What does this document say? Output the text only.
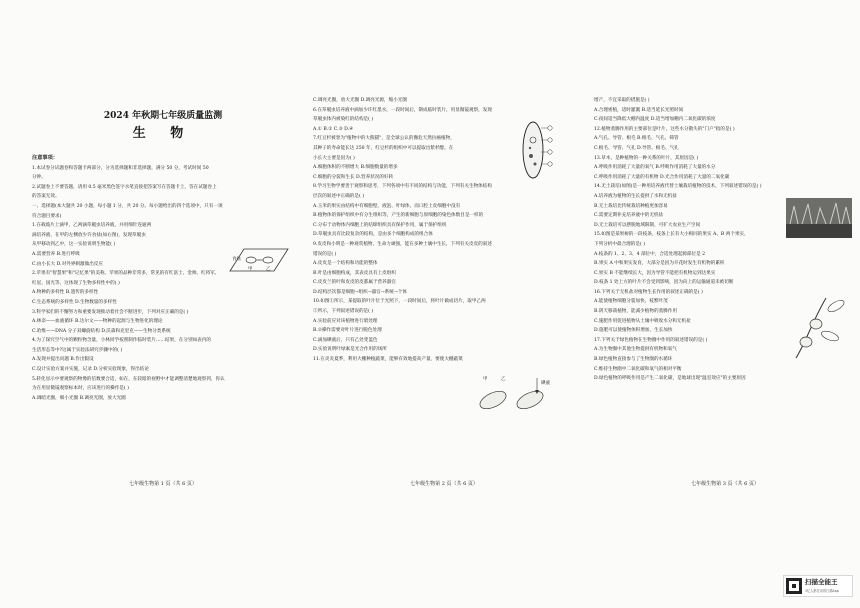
2024 年秋期七年级质量监测
生 物

注意事项：

1.本试卷分试题卷和答题卡两部分，分为选择题和非选择题，满分 50 分，考试时间 50

分钟。

2.试题卷上不要答题，请用 0.5 毫米黑色签字水笔直接把答案写在答题卡上，答在试题卷上

的答案无效。

一、选择题(本大题共 20 小题，每小题 1 分，共 20 分。每小题给出的四个选项中，只有一项

符合题目要求)

1.在载玻片上滴甲、乙两滴草履虫培养液，并用细针连通两

滴培养液，在甲的左侧放少许食盐(如右图)，发现草履虫

从甲移动到乙中，这一实验说明生物能( )

A.需要营养 B.进行呼吸

C.由小长大 D.对外界刺激做出反应

2.苹果有"智慧果"和"记忆果"的美称，苹果的品种非常多，常见的有红富士、金帅、红将军、

红星、国光等，这体现了生物多样性中的( )

A.物种的多样性 B.遗传的多样性

C.生态系统的多样性 D.生物数量的多样性

3.科学家们的不懈努力和重要发现推动着社会不断进步，下列对应正确的是( )

A.林奈——血液循环 B.达尔文——物种的起源与生物进化的理论

C.哈维——DNA 分子双螺旋结构 D.沃森和克里克——生物分类系统

4.为了探究空气中的颗粒物含量，小林同学按照制作临时装片……结果，在分别如表内的

生活形态等中?这属于实验法研究步骤中的( )

A.发现并提出问题 B.作出假设

C.设计实验方案并实施，记录 D.分析实验现象，得出结论

5.转化显示中要观察的物像的倍数要合适，如在，在较暗的视野中才能调整清楚地观察到，你认

为在用显微镜观察标本时，应该进行的操作是( )

A.调暗光圈，细小光圈 B.调亮光圈，放大光圈

C.调亮光圈，放大光圈 D.调亮光源，缩小光圈

6.在草履虫培养液中滴加少许红墨水，一段时间后，制成临时装片，用显微镜观察，发现

草履虫体内被染红的结构是( )

A.① B.② C.③ D.④

7.红豆杉被誉为"植物中的大熊猫"，是全球公认的濒危天然抗癌植物，

其种子的寿命能长达 250 年，红豆杉的组织中可以提取出紫杉醇。在

小长大主要是因为( )

A.细胞体积的不断增大 B.细胞数量的增多

C.细胞的分裂和生长 D.营养状况的好转

8.学习生物学要善于观察和思考，下列各项中有不同的结构与功能，下列有关生物体结构

层次的叙述中正确的是( )

A.玉米的果实由结构中有细胞壁、液泡、叶绿体，而口腔上皮细胞中没有

B.植物体的保护组织中有分生组织等，产生的新细胞与原细胞的染色体数目是一样的

C.分布于动物体内细胞上的结缔组织具有保护作用，属于保护组织

D.草履虫具有比较复杂的结构，是由多个细胞构成的组合体

9.皮皮和小明是一种观赏植物，生命力顽强，能在多种土壤中生长，下列有关皮皮的叙述

错误的是( )

A.皮皮是一个结构和功能的整体

B.叶是由细胞构成，其表皮具有上皮组织

C.皮皮兰的叶和皮皮的皮都属于营养器官

D.结构层次都是细胞→组织→器官→系统→个体

10.如图①所示，某提取的叶片位于光照下，一段时间后，将叶片做成切片，取甲乙两

②所示，下列叙述错误的是( )

A.实验前应对该植物进行暗处理

B.②操作需要对叶片进行脱色处理

C.滴加碘液后，只有乙处变蓝色

D.实验说明叶绿素是光合作用的场所

11.在炎炎夏季，利用大棚种植蔬菜，能够有效地提高产量，要使大棚蔬菜

增产，不宜采取的措施是( )

A.合理密植，适时灌溉 B.适当延长光照时间

C.夜间适当降低大棚内温度 D.适当增加棚内二氧化碳的浓度

12.植物蒸腾作用的主要部位是叶片，这些水分散失的"门户"指的是( )

A.气孔、导管、根毛 B.根毛、气孔、筛管

C.根毛、导管、气孔 D.导管、根毛、气孔

13.草木，是种植物的一种关系的叶片，其原因是( )

A.呼吸作用消耗了大量的氧气 B.呼吸作用消耗了大量的水分

C.呼吸作用消耗了大量的有机物 D.光合作用消耗了大量的二氧化碳

14.无土栽培(如图)是一种用培养液代替土壤栽培植物的技术，下列叙述错误的是( )

A.培养液为植物的生长提供了水和无机盐

B.无土栽培比传统栽培种植更加容易

C.需要定期补充培养液中的无机盐

D.无土栽培可以摆脱地域限制，可扩大农业生产空间

15.如图是某果树的一段枝条，枝条上长有大小相同的果实 A、B 两个果实，

下列分析中最合理的是( )

A.枝条的 1、2、3、4 部位中，合适处理起源部位是 2

B.果实 A 中和果实发育，大部分是因为开花时发生有机物的累积

C.果实 B 不能继续长大，因为导管不能把有机物运到达果实

D.枝条 1 处上方的叶片不会受到影响，因为向上的运输通道未被切断

16.下列关于无机盐对植物生长作用的叙述正确的是( )

A.能使植物细胞分裂加快，枝繁叶茂

B.阴天移栽植物，能减少植物的蒸腾作用

C.施肥作用促进植物从土壤中吸收水分和无机盐

D.施肥可以使植物体积增加，生长加快

17.下列关于绿色植物在生物圈中作用的叙述错误的是( )

A.为生物圈中其他生物提供有机物和氧气

B.绿色植物直接参与了生物圈的水循环

C.维持生物圈中二氧化碳和氧气的相对平衡

D.绿色植物的呼吸作用是产生二氧化碳，是地球出现"温室效应"的主要原因

七年级生物第 1 页（共 6 页）	七年级生物第 2 页（共 6 页）	七年级生物第 3 页（共 6 页）
食盐
甲	乙
甲	乙
碘液
扫描全能王
3亿人都在用的扫描App
